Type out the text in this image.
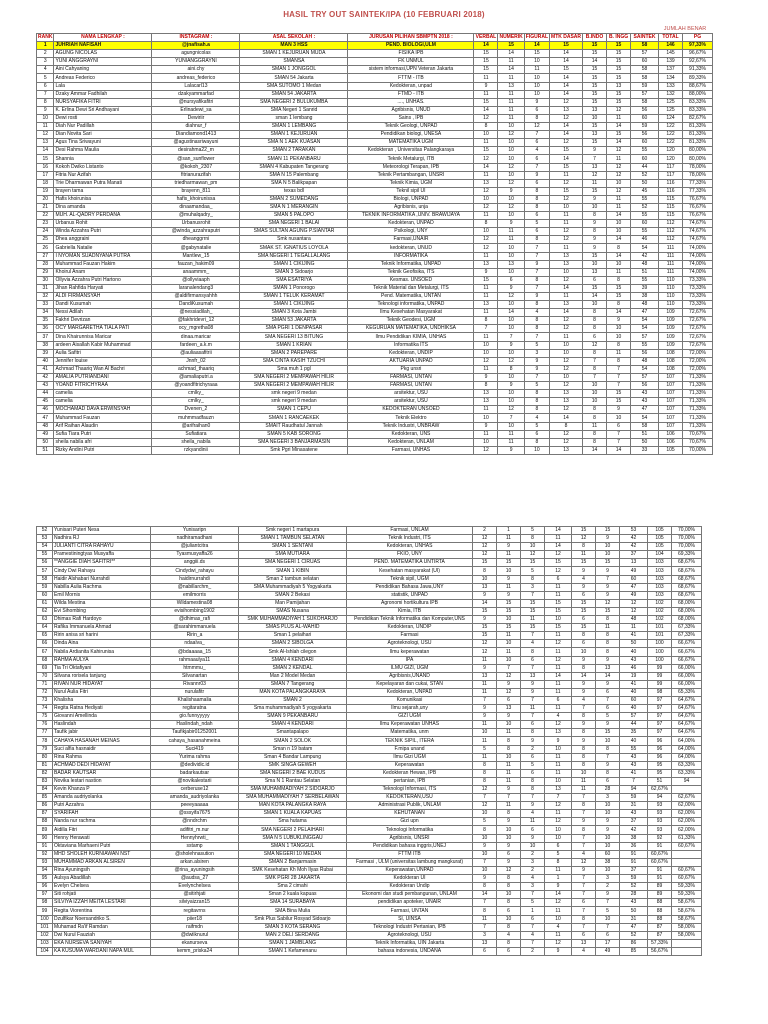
HASIL TRY OUT SAINTEK/IPA (10 FEBRUARI 2018)
JUMLAH BENAR
RANK	NAMA LENGKAP :	INSTAGRAM :	ASAL SEKOLAH :	JURUSAN PILIHAN SBMPTN 2018 :	VERBAL	NUMERIK	FIGURAL	MTK DASAR	B.INDO	B. INGG	SAINTEK	TOTAL	PG
1	JUHRIAH NAFISAH	@jnafisah.a	MAN 3 HSS	PEND. BIOLOGI,ULM	14	15	14	15	15	15	58	146	97,33%
2	AGUNG NICOLAS	agungnicolas	SMAN 1 KEJURUAN MUDA	FISIKA IPB	15	14	15	14	15	15	57	145	96,67%
3	YUNI ANGGRAYNI	YUNIANGGRAYNI	SMANSA	FK UNMUL	15	11	10	14	14	15	60	139	92,67%
4	Aini Cahyaning	aini.chy	SMAN 1 JONGGOL	sistem informasi,UPN Veteran Jakarta	15	14	11	15	15	15	58	137	91,33%
5	Andreas Federico	andreas_federico	SMAN 54 Jakarta	FTTM - ITB	11	11	10	14	15	15	58	134	89,33%
6	Lala	Lalacarl13	SMA SUTOMO 1 Medan	Kedokteran, unpad	9	13	10	14	15	13	59	133	88,67%
7	Dzaky Ammar Fadhilah	dzakyammarfad	SMAN 54 JAKARTA	FTMD - ITB	11	11	10	14	15	15	57	132	88,00%
8	NURSYAFIKA FITRI	@nursyafikafitri	SMA NEGERI 2 BULUKUMBA	...., UNHAS.	15	11	9	12	15	15	58	125	83,33%
9	K. Erlina Dewi Sri Andhayani	Erlinadewi_sa	SMA Negeri 1 Sanrid	Agribisnis, UNUD	14	11	6	13	13	12	56	125	83,33%
10	Dewi rosti	Dewiriir	sman 1 lembang	Sains , IPB	12	11	8	12	10	11	60	124	82,67%
11	Diah Nur Padillah	diahnur_f	SMAN 1 LEMBANG	Teknik Geologi, UNPAD	8	10	12	14	15	14	59	122	81,33%
12	Dian Novita Sari	Diandiamond1413	SMAN 1 KEJURUAN	Pendidikan biologi, UNESA	10	12	7	14	13	15	56	122	81,33%
13	Agus Tina Sriwayuni	@agustinasriwayuni	SMA N 1 AEK KUASAN	MATEMATIKA UGM	11	10	6	12	15	14	60	122	81,33%
14	Desi Rahma Maulia	desirahma22_m	SMAN 2 TARAKAN	Kedokteran , Universitas Palangkaraya	15	10	4	15	9	12	55	120	80,00%
15	Shannia	@san_sunflower	SMAN 11 PEKANBARU	Teknik Metalurgi, ITB	12	10	6	14	7	11	60	120	80,00%
16	Kokoh Dwiko Listanto	@kokoh_2307	SMAN 4 Kabupaten Tangerang	Meteorologi Terapan, IPB	14	12	7	15	13	12	44	117	78,00%
17	Fitria Nur Azifah	fitrianurazifah	SMA N 15 Palembang	Teknik Pertambangan, UNSRI	11	10	9	11	12	12	52	117	78,00%
18	Trie Dharmawan Putra Manati	triedharmawan_pm	SMA N 5 Balikpapan	Teknik Kimia, UGM	13	12	6	12	11	10	50	116	77,33%
19	brayen tama	brayenn_811	texas bdl	Teknil sipil UI	12	9	8	15	15	12	45	116	77,33%
20	Hafis khoirunisa	hafis_khoirunissa	SMAN 2 SUMEDANG	Biologi, UNPAD	10	10	8	12	9	11	55	115	76,67%
21	Dina amanda	dinaamandaa_	SMA N 1 MERANGIN	Agribisnis, unja	12	12	8	10	10	11	52	115	76,67%
22	MUH. AL-QADRY PERDANA	@muhalqadry_	SMAN 5 PALOPO	TEKNIK INFORMATIKA ,UNIV. BRAWIJAYA	11	10	6	11	8	14	55	115	76,67%
23	Urbanus Rohit	Urbanusrohit	SMA NEGERI 1 BALAI	Kedokteran, UNPAD	8	9	5	11	9	10	60	112	74,67%
24	Winda Azzahra Putri	@winda_azzahraputri	SMAS SULTAN AGUNG P.SIANTAR	Psikologi, UNY	10	11	6	12	8	10	55	112	74,67%
25	Dhea anggraini	dheanggrrni	Smk nusantara	Farmasi,UNAIR	12	11	8	12	9	14	46	112	74,67%
26	Gabriella Natalie	@gabynatalie	SMAK ST. IGNATIUS LOYOLA	kedokteran, UNUD	12	10	7	11	9	8	54	111	74,00%
27	I NYOMAN SUADNYANA PUTRA	Mantlew_15	SMA NEGERI 1 TEGALLALANG	INFORMATIKA	11	10	7	13	15	14	42	111	74,00%
28	Muhammad Fauzan Hakim	fauzan_hakim09	SMAN 1 CIKIJING	Teknik Informatika, UNPAD	13	13	9	13	10	10	48	111	74,00%
29	Khoirul Anam	anaammm_	SMAN 3 Sidoarjo	Teknik Geofisika, ITS	9	10	7	10	13	11	51	111	74,00%
30	Ollyvia Azzahra Putri Hartono	@ollyviaaph	SMA ESATRIYA	Kesmas. UNSOED	15	6	8	12	6	8	55	110	73,33%
31	Jihan Rahfida Haryati	laranalendang3	SMAN 1 Ponorogo	Teknik Material dan Metalurgi, ITS	11	9	7	14	15	15	39	110	73,33%
32	ALDI FIRMANSYAH	@aldifirmansyahhh	SMAN 1 TELUK KERAMAT	Pend. Matematika, UNTAN	11	12	9	11	14	15	38	110	73,33%
33	Dandi Kusumah	DandiKusumah	SMAN 1 CIKIJING	Teknologi informatika, UNPAD	13	10	8	13	10	8	48	110	73,33%
34	Nessi Adilah	@nessiadilah_	SMAN 3 Kota Jambi	Ilmu Kesehatan Masyarakat	11	14	4	14	8	14	47	109	72,67%
35	Fakhri Devrizan	@fakhridevri_12	SMAN 53 JAKARTA	Teknik Geodesi, UGM	8	10	8	12	8	9	54	109	72,67%
36	OCY MARGARETHA TIALA PATI	ocy_mgretha08	SMA PGRI 1 DENPASAR	KEGURUAN MATEMATIKA, UNDHIKSA	7	10	8	12	8	10	54	109	72,67%
37	Dina Khairunnisa Maricar	dinaa.maricar	SMA NEGERI 13 BITUNG	Ilmu Pendidikan KIMIA, UNHAS	11	7	7	11	6	10	57	109	72,67%
38	ardeen Aisallah Kabir Muhammad	fardeen_a.k.m	SMAN 1 KRIAN	Informatika ITS	10	9	5	10	12	8	55	109	72,67%
39	Aulia Safitri	@auliaasafitrii	SMAN 2 PAREPARE	Kedokteran, UNDIP	10	10	3	10	8	11	56	108	72,00%
40	Jennifer louise	Jnnfr_02	SMA CINTA KASIH TZUCHI	AKTUARIA UNPAD	12	12	9	12	7	8	48	108	72,00%
41	Achmad Thaariq Wan Al Bachri	achmad_thaariq	Sma muh 1 pgl	Pkg unsri	11	8	9	12	8	7	54	108	72,00%
42	AMALIA PUTRIANDANI	@amaliaputri.a	SMA NEGERI 2 MEMPAWAH HILIR	FARMASI, UNTAN	9	10	7	10	7	7	57	107	71,33%
43	YOAND FITRICHYRAA	@yoandfitrichyraaa	SMA NEGERI 2 MEMPAWAH HILIR	FARMASI, UNTAN	8	9	5	12	10	7	56	107	71,33%
44	camelia	cmlky_	smk negeri 9 medan	arsitektur, USU	13	10	8	13	10	15	43	107	71,33%
45	camelia	cmlky_	smk negeri 9 medan	arsitektur, USU	13	10	8	13	10	15	43	107	71,33%
46	MOCHAMAD DAVA ERWINSYAH	Dvenen_2	SMAN 1 CEPU	KEDOKTERAN UNSOED	11	12	8	12	8	9	47	107	71,33%
47	Muhammad Fauzan	muhmmadfauzn	SMAN 1 RANCAEKEK	Teknik Elektro	10	7	4	14	8	10	54	107	71,33%
48	Arif Raihan Alaudin	@arifraihan0	SMAIT Raudhatul Jannah	Teknik Industri, UNBRAW	9	10	5	8	11	6	58	107	71,33%
49	Sufia Tiara Putri	Sufiatiara	SMAN 5 KAB SORONG	Kedokteran, UNS	11	11	6	12	8	7	51	106	70,67%
50	sheila nabila afri	sheila_nabila	SMA NEGERI 3 BANJARMASIN	Kedokteran, UNLAM	10	11	8	12	8	7	50	106	70,67%
51	Rizky Andini Putri	rzkyandinii	Smk Pgri Minasatene	Farmasi, UNHAS	12	9	10	13	14	14	33	105	70,00%
52	Yunisari Puteri Nesa	Yunisaripn	Smk negeri 1 martapura	Farmasi, UNLAM	2	1	5	14	15	15	53	105	70,00%
53	Nadhira RJ	nadhiramadhani	SMAN 1 TAMBUN SELATAN	Teknik Industri, ITS	12	11	8	11	12	9	42	105	70,00%
54	JULIANTI CITRA RAHAYU	@juliantcitra	SMAN 1 SENTANI	Kedokteran, UNHAS	12	9	10	14	8	10	42	105	70,00%
55	Pramestiningtyas Musyaffa	Tyasmusyaffa26	SMA MUTIARA	FKIO, UNY	12	11	12	12	11	10	37	104	69,33%
56	**ANGGIE DIAH SAFITRI**	anggiii.ds	SMA NEGERI 1 CIRUAS	PEND. MATEMATIKA UNTIRTA	15	15	15	15	15	15	13	103	68,67%
57	Cindy Dwi Rahayu	Cindydwi_rahayu	SMAN 1 KIBIN	Kesehatan masyarakat (UI)	8	10	5	12	9	9	49	103	68,67%
58	Haidir Alshabari Nurrahdi	haidirnurrahdi	Sman 2 tambun selatan	Teknik sipil, UGM	10	9	8	6	4	7	60	103	68,67%
59	Nabilla Aulia Rachma	@nabillarchm_	SMA Muhammadiyah 5 Yogyakarta	Pendidikan Bahasa Jawa,UNY	13	11	3	11	9	9	47	103	68,67%
60	Emil Mornis	emilmorris	SMAN 2 Bekasi	statistik, UNPAD	9	9	7	11	6	9	49	103	68,67%
61	Wilda Mestina	Wildamestina08	Man Pamijahan	Agronomi hortikultura IPB	14	15	15	15	15	12	12	102	68,00%
62	Evi Sihombing	evisihombing1902	SMAS Nusana	Kimia, ITB	15	15	15	15	15	15	12	102	68,00%
63	Dhimas Rafi Hardoyo	@dhimas_rafi	SMK MUHAMMADIYAH 1 SUKOHARJO	Pendidikan Teknik Informatika dan Komputer,UNS	9	10	11	10	6	8	48	102	68,00%
64	Rafika Immanuela Ahmad	@sarahimmanuela	SMAS PLUS AL-WAHID	Kedokteran, UNDIP	15	15	15	15	15	11	11	101	67,33%
65	Ririn anisa sri harini	Ririn_a	Sman 1 pelaihari	Farmasi	15	11	7	11	8	8	41	101	67,33%
66	Dinda Aina	ndaalva_	SMAN 2 SIBOLGA	Agroteknologi, USU	12	10	4	12	6	8	50	100	66,67%
67	Nabila Ardianita Kahirunisa	@bdaaaaa_15	Smk Al-Ishlah cilegon	Ilmu keperawatan	12	11	8	11	10	8	40	100	66,67%
68	RAHMA AULYA	rahmaaulya11	SMAN 4 KENDARI	IPA	11	10	6	12	9	9	43	100	66,67%
69	Tia Tri Oktafiyani	htmmmu_	SMAN 2 KENDAL	ILMU GIZI, UGM	9	7	7	11	8	13	46	99	66,00%
70	Silvana rorisela tanjung	Silvanartan	Man 2 Model Medan	Agribisnis,UNAND	13	12	13	14	14	14	19	99	66,00%
71	RIVAN NUR HIDAYAT	Rivannr03	SMAN 7 Tangerang	Kepelayaran dan cukai, STAN	11	9	9	11	9	9	41	99	66,00%
72	Nurul Aulia Fitri	nurulafitr	MAN KOTA PALANGKARAYA	Kedokteran, UNPAD	11	12	9	11	9	6	40	98	65,33%
73	Khalisha	Khalishaamalia	SMAN 2	Komunikasi	7	6	7	6	4	7	60	97	64,67%
74	Regita Ratna Hediyati	regitaratna	Sma muhammadiyah 5 yogyakarta	Ilmu sejarah,uny	9	13	11	11	7	6	40	97	64,67%
75	Giovanni Amellinda	gio.funnyyyyy	SMAN 9 PEKANBARU	GIZI UGM	9	9	7	4	8	5	57	97	64,67%
76	Haslindah	Haslindah_ndah	SMAN 4 KENDARI	Ilmu Keperawatan UNHAS	11	10	6	12	9	9	44	97	64,67%
77	Taufik jabir	Taufikjabir01252001	Smantapalapo	Matematika, unm	10	11	8	13	8	15	35	97	64,67%
78	CAHAYA HASANAH MEINAS	cahaya_hasanahmeina	SMAN 2 SOLOK	TEKNIK SIPIL, ITERA	11	8	9	9	9	10	40	96	64,00%
79	Suci alfia hasnaidir	Suci419	Sman n 19 batam	F.mipa unand	5	8	2	10	8	8	55	96	64,00%
80	Rina Rahma	Yurima rahma	Sman 4 Bandar Lampung	Ilmu Gizi UGM	11	10	6	11	8	7	43	96	64,00%
81	ACHMAD DEDI HIDAYAT	@dedividic.id	SMK SINGA GEWEH	Keperawatan	8	11	5	11	8	9	43	95	63,33%
82	BADAR KAUTSAR	badarkautsar	SMA NEGERI 2 BAE KUDUS	Kedokteran Hewan, IPB	8	11	6	11	10	8	41	95	63,33%
83	Novika lestari nastion	@novikalestarii	Sma N 1 Rantau Selatan	pertanian, IPB	8	11	8	10	11	6	7	51	94
84	Kevin Khanza P	cerberuse12	SMA MUHAMMADIYAH 2 SIDOARJO	Teknologi Informasi, ITS	12	9	8	13	11	28	94	62,67%	
85	Amanda audriyolanka	amanda_audriyolanka	SMA MUHAMMADIYAH 7 SERBELAWAN	KEDOKTERAN,USU	7	7	7	7	7	3	59	94	62,67%
86	Putri Azzahra	peeeyaaaaa	MAN KOTA PALANGKA RAYA	Administrasi Publik, UNLAM	12	11	9	12	8	10	31	93	62,00%
87	SYARIFAH	@sssyifa7675	SMAN 1 KUALA KAPUAS	KEHUTANAN	10	8	4	11	7	10	43	93	62,00%
88	Nanda nur rachma	@nndrchm	Sma hutama	Gizi upn	5	9	11	12	9	9	37	93	62,00%
89	Aidilla Fitri	adifitri_m.nur	SMA NEGERI 2 PELAIHARI	Teknologi Informatika	8	10	6	10	8	9	42	93	62,00%
90	Henny Herawati	Hennyhrwti_	SMA N 5 LUBUKLINGGAU	Agribisnis, UNSRI	10	10	9	10	7	10	38	92	61,33%
91	Oktaviana Marhaeni Putri	sstamp	SMAN 1 TANGGUL	Pendidikan bahasa inggris,UNEJ	9	9	10	6	7	10	36	91	60,67%
92	MHD SHOLEH KURNIAWAN NST	@sholehnasution	SMA NEGERI 10 MEDAN	FTTM ITB	10	6	2	5	4	60	91	60,67%	
93	MUHAMMAD ARKAN ALSIREN	arkan.alsiren	SMAN 2 Banjarmasin	Farmasi , ULM (universitas lambung mangkurat)	7	9	3	8	12	38	91	60,67%	
94	Rina Ayuningsih	@rina_ayuningsih	SMK Kesehatan Kh Moh Ilyas Rubai	Keperawatan,UNPAD	10	12	2	11	9	10	37	91	60,67%
95	Aulsya Abadillah	@audsa_27	SMK PGRI 28 JAKARTA	Kedokteran UI	9	8	4	1	7	3	59	91	60,67%
96	Evelyn Chelsea	Evelynchelsea	Sma 2 cimahi	Kedokteran Undip	8	8	3	9	7	2	52	89	59,33%
97	Siti rohjati	@sitirhjati	Sman 2 kuala kapuas	Ekonomi dan studi pembangunan, UNLAM	14	10	7	14	7	9	28	89	59,33%
98	SILVIYA IZZAH MEITA LESTARI	silviyaizzan15	SMA 14 SURABAYA	pendidikan apoteker, UNAIR	7	8	5	12	6	7	43	88	58,67%
99	Regita Viorentina	regitavrns	SMA Bina Mulia	Farmasi, UNTAN	8	6	1	11	7	5	50	88	58,67%
100	Dzulfikar Noersandriko S.	piier18	Smk Plus Sabilur Rosyad Sidoarjo	SI, UINSA	11	10	6	10	8	10	31	88	58,67%
101	Muhamad Ra'if Ramdan	raifmdn	SMAN 3 KOTA SERANG	Teknologi Industri Pertanian, IPB	7	8	7	4	7	7	47	87	58,00%
102	Dwi Nurul Fauziah	@dwiiknurul	MAN 2 DELI SERDANG	Agroteknologi, USU	3	4	4	11	6	6	52	87	58,00%
103	EKA NURSEVA SANIYAH	ekanurseva	SMAN 1 JAMBLANG	Teknik Informatika, UIN Jakarta	13	8	7	12	13	17	86	57,33%	
104	KA KUSUMA WARDANI NAPA MUL	kemm_priska24	SMAN 1 Kefamenanu	bahasa indonesia, UNDANA	6	6	2	9	4	49	85	56,67%	
